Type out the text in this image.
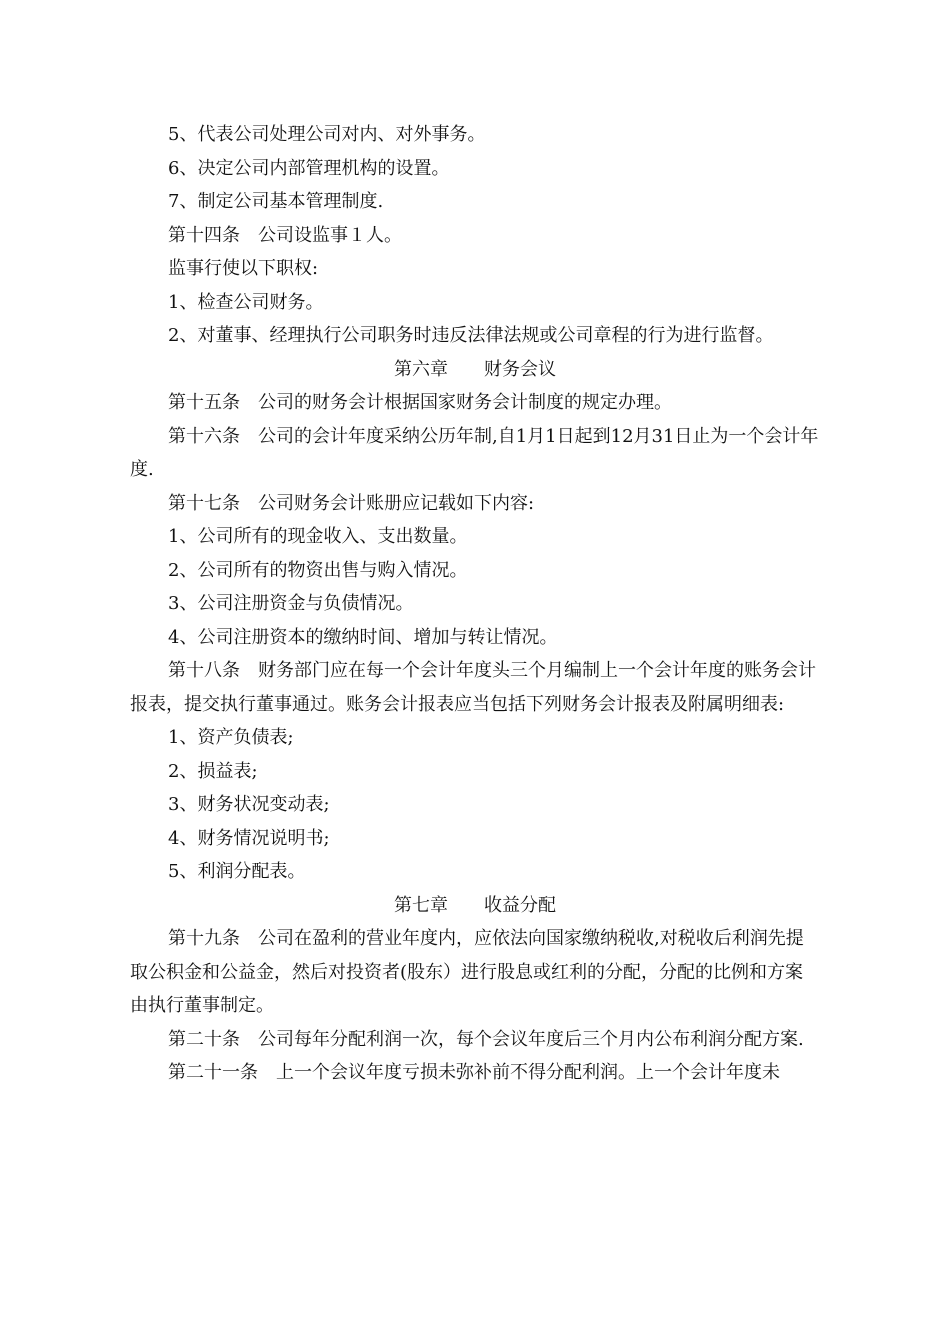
5、代表公司处理公司对内、对外事务。

6、决定公司内部管理机构的设置。

7、制定公司基本管理制度.

第十四条　公司设监事１人。

监事行使以下职权:

1、检查公司财务。

2、对董事、经理执行公司职务时违反法律法规或公司章程的行为进行监督。

第六章　　财务会议

第十五条　公司的财务会计根据国家财务会计制度的规定办理。

第十六条　公司的会计年度采纳公历年制,自1月1日起到12月31日止为一个会计年度.

第十七条　公司财务会计账册应记载如下内容:

1、公司所有的现金收入、支出数量。

2、公司所有的物资出售与购入情况。

3、公司注册资金与负债情况。

4、公司注册资本的缴纳时间、增加与转让情况。

第十八条　财务部门应在每一个会计年度头三个月编制上一个会计年度的账务会计报表，提交执行董事通过。账务会计报表应当包括下列财务会计报表及附属明细表:

1、资产负债表;

2、损益表;

3、财务状况变动表;

4、财务情况说明书;

5、利润分配表。

第七章　　收益分配

第十九条　公司在盈利的营业年度内，应依法向国家缴纳税收,对税收后利润先提取公积金和公益金，然后对投资者(股东）进行股息或红利的分配，分配的比例和方案由执行董事制定。

第二十条　公司每年分配利润一次，每个会议年度后三个月内公布利润分配方案.

第二十一条　上一个会议年度亏损未弥补前不得分配利润。上一个会计年度未
